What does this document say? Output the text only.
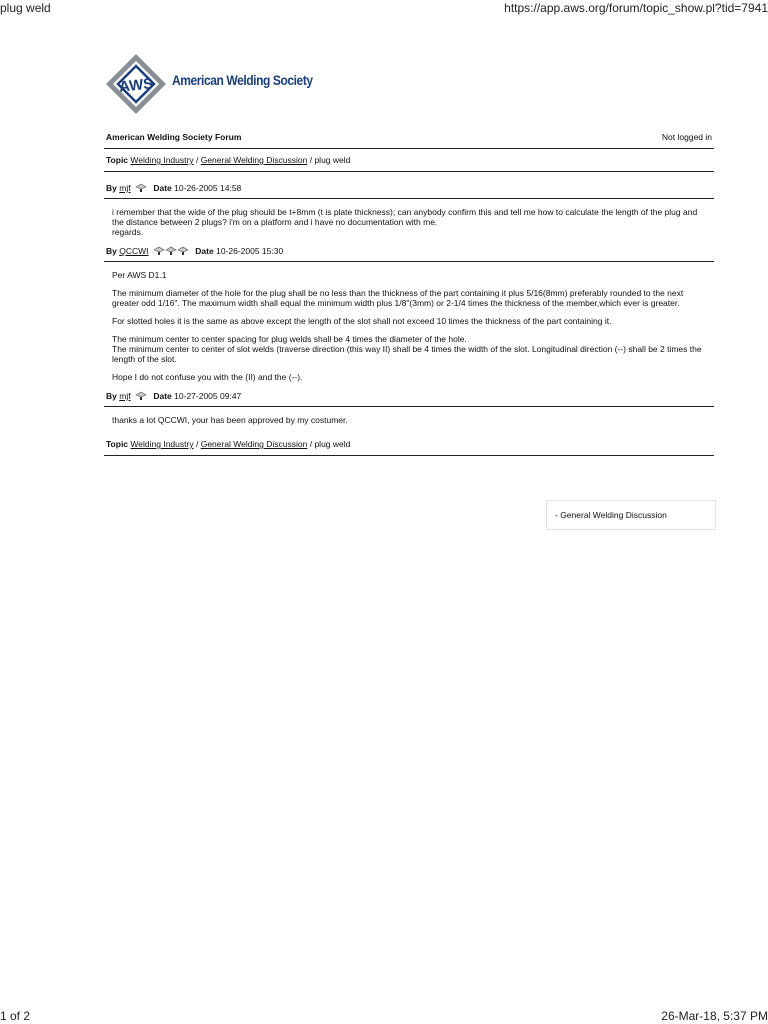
plug weld	https://app.aws.org/forum/topic_show.pl?tid=7941
AWS American Welding Society
American Welding Society Forum	Not logged in
Topic Welding Industry / General Welding Discussion / plug weld
By mjf	Date 10-26-2005 14:58

i remember that the wide of the plug should be t+8mm (t is plate thickness); can anybody confirm this and tell me how to calculate the length of the plug and the distance between 2 plugs? i'm on a platform and i have no documentation with me.

regards.

By QCCWI	Date 10-26-2005 15:30

Per AWS D1.1

The minimum diameter of the hole for the plug shall be no less than the thickness of the part containing it plus 5/16(8mm) preferably rounded to the next greater odd 1/16". The maximum width shall equal the minimum width plus 1/8"(3mm) or 2-1/4 times the thickness of the member,which ever is greater.

For slotted holes it is the same as above except the length of the slot shall not exceed 10 times the thickness of the part containing it.

The minimum center to center spacing for plug welds shall be 4 times the diameter of the hole.
The minimum center to center of slot welds (traverse direction (this way II) shall be 4 times the width of the slot. Longitudinal direction (--) shall be 2 times the length of the slot.

Hope I do not confuse you with the (II) and the (--).

By mjf	Date 10-27-2005 09:47

thanks a lot QCCWI, your has been approved by my costumer.

Topic Welding Industry / General Welding Discussion / plug weld
- General Welding Discussion
1 of 2	26-Mar-18, 5:37 PM
